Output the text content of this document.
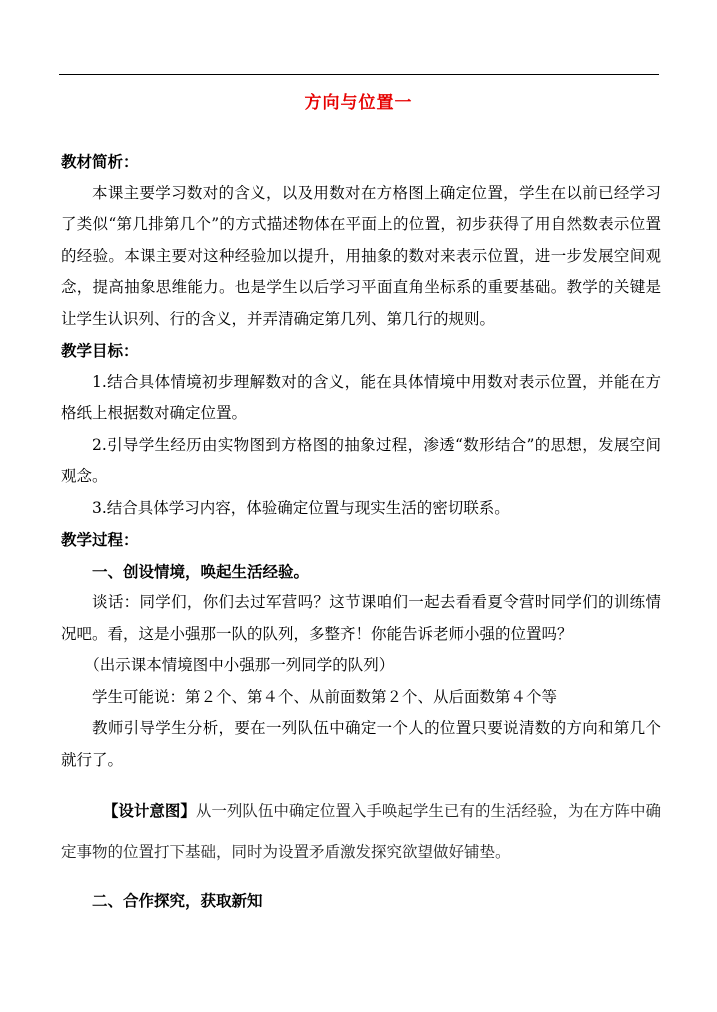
方向与位置一

教材简析：

本课主要学习数对的含义，以及用数对在方格图上确定位置，学生在以前已经学习了类似“第几排第几个”的方式描述物体在平面上的位置，初步获得了用自然数表示位置的经验。本课主要对这种经验加以提升，用抽象的数对来表示位置，进一步发展空间观念，提高抽象思维能力。也是学生以后学习平面直角坐标系的重要基础。教学的关键是让学生认识列、行的含义，并弄清确定第几列、第几行的规则。

教学目标：

1.结合具体情境初步理解数对的含义，能在具体情境中用数对表示位置，并能在方格纸上根据数对确定位置。

2.引导学生经历由实物图到方格图的抽象过程，渗透“数形结合”的思想，发展空间观念。

3.结合具体学习内容，体验确定位置与现实生活的密切联系。

教学过程：

一、创设情境，唤起生活经验。

谈话：同学们，你们去过军营吗？这节课咱们一起去看看夏令营时同学们的训练情况吧。看，这是小强那一队的队列，多整齐！你能告诉老师小强的位置吗？

（出示课本情境图中小强那一列同学的队列）

学生可能说：第２个、第４个、从前面数第２个、从后面数第４个等

教师引导学生分析，要在一列队伍中确定一个人的位置只要说清数的方向和第几个就行了。

【设计意图】从一列队伍中确定位置入手唤起学生已有的生活经验，为在方阵中确定事物的位置打下基础，同时为设置矛盾激发探究欲望做好铺垫。

二、合作探究，获取新知
